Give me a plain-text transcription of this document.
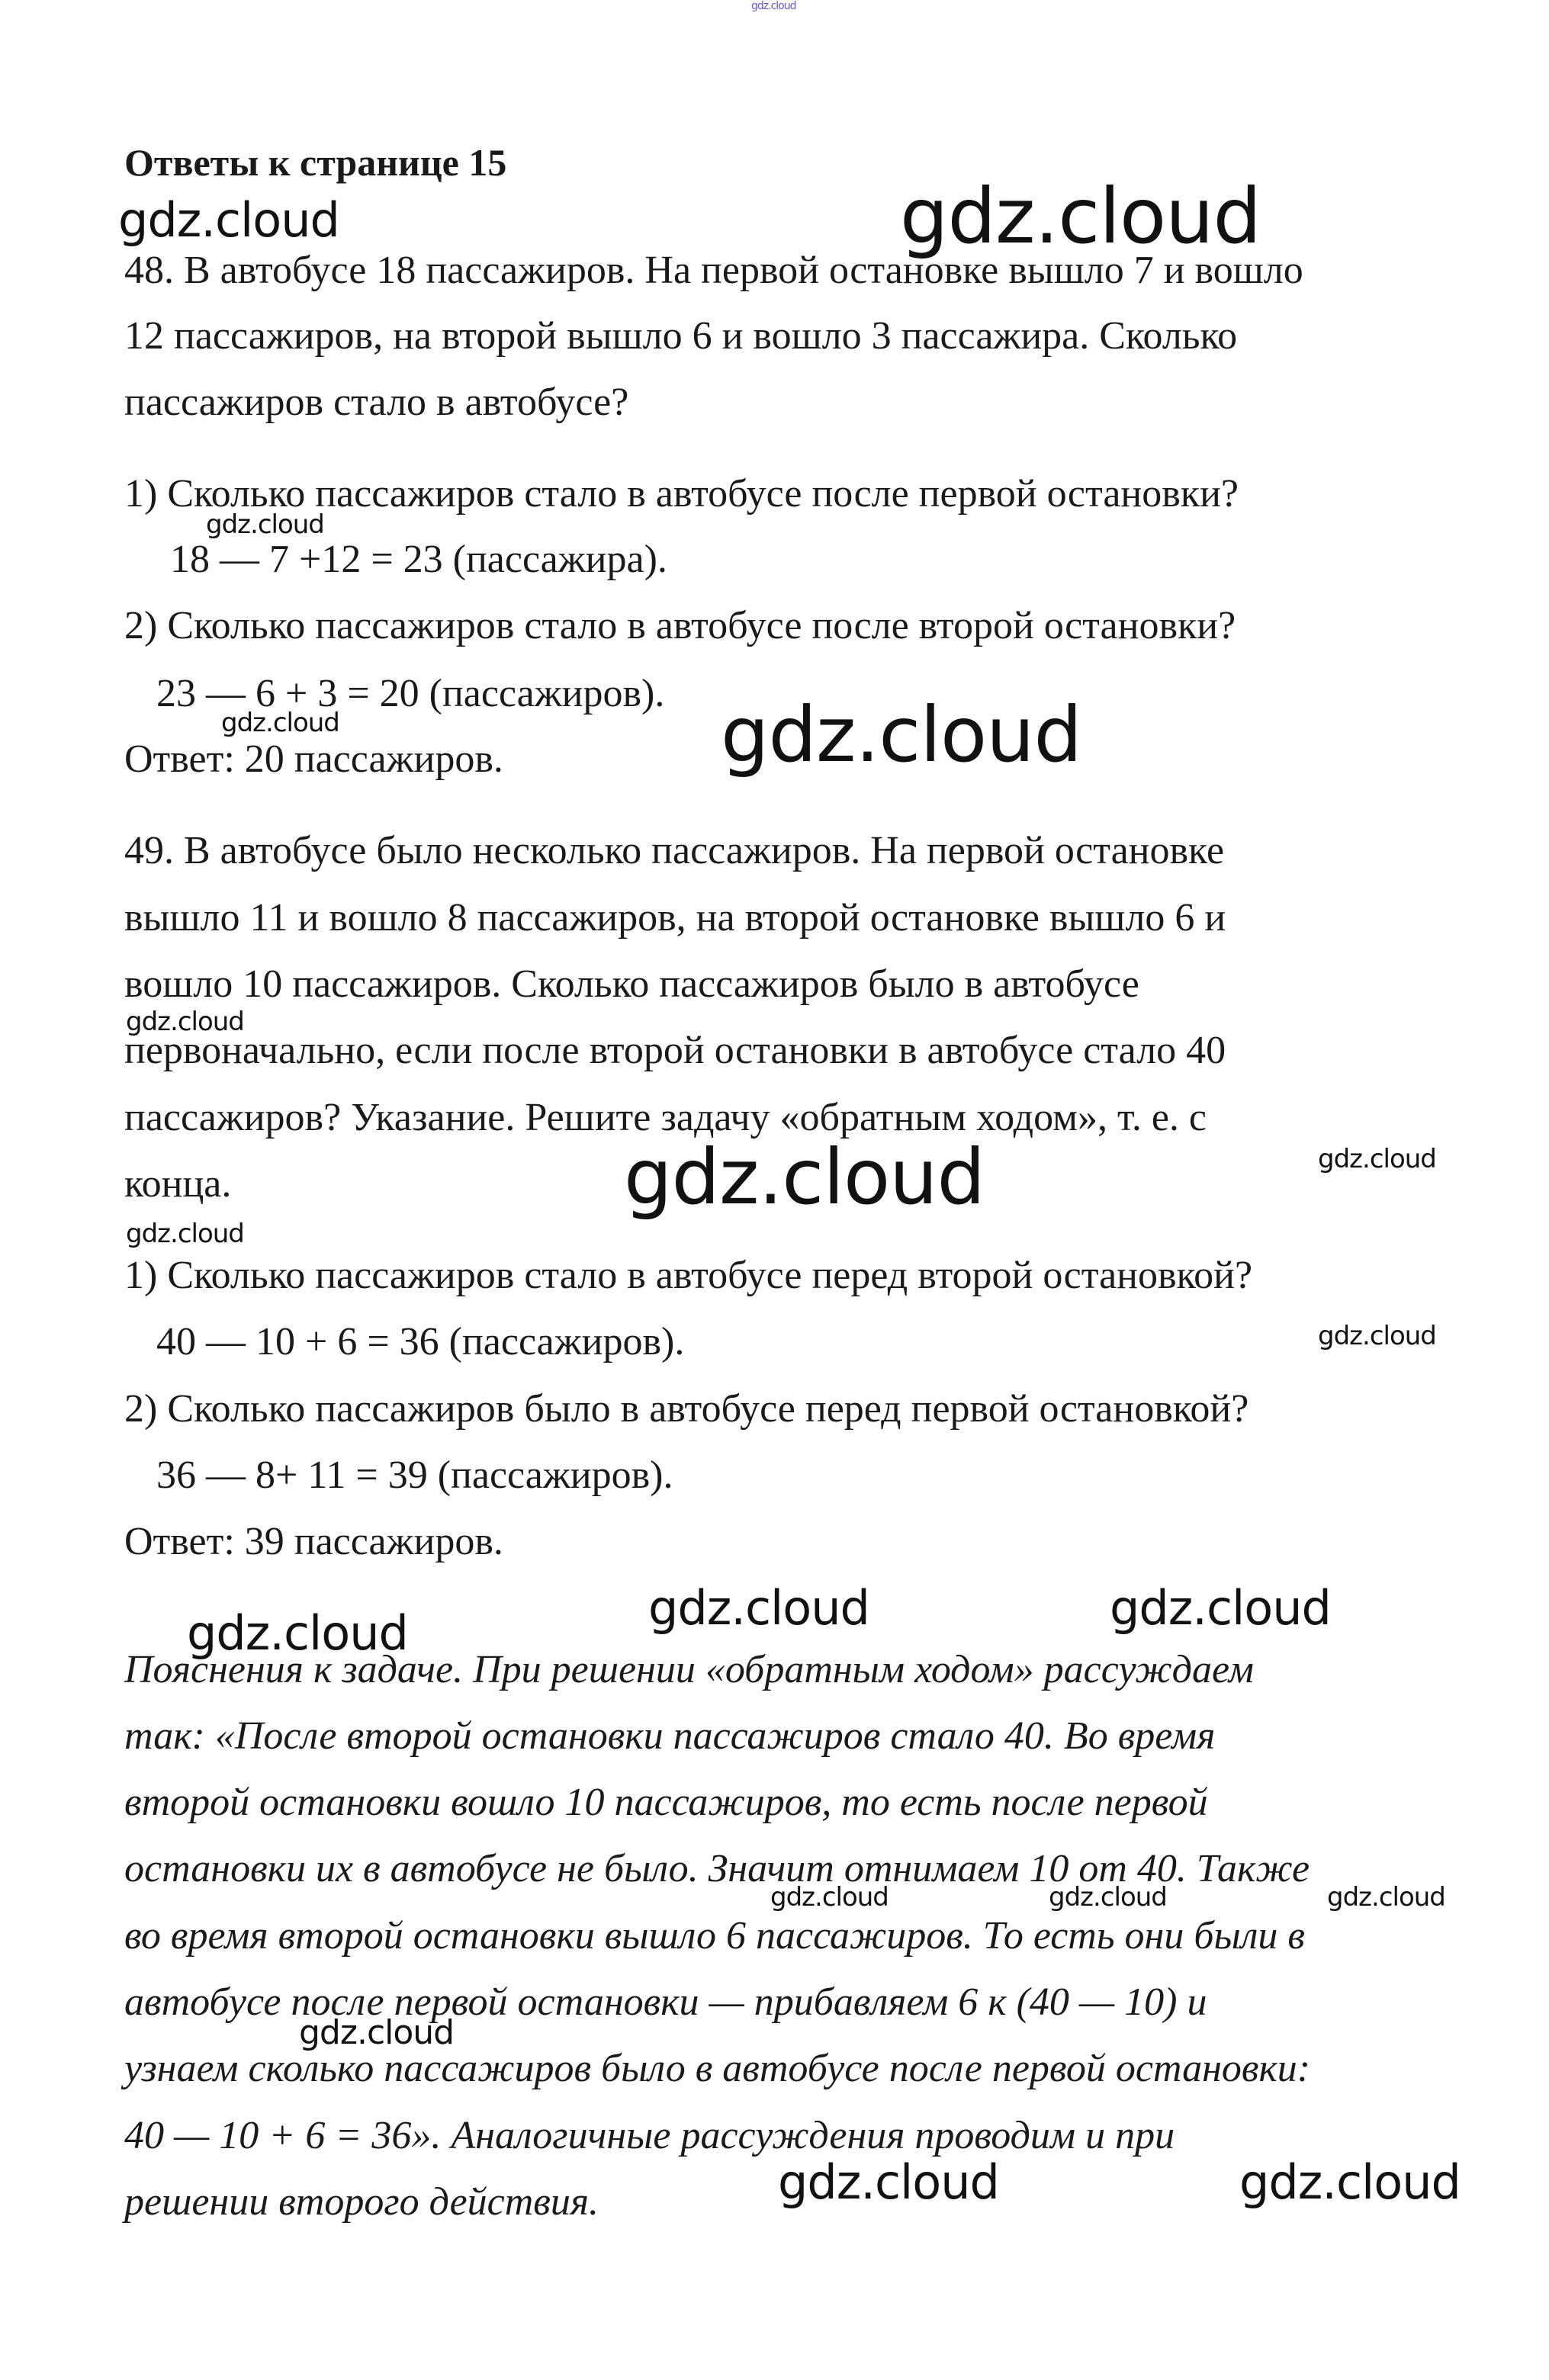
gdz.cloud
Ответы к странице 15
48. В автобусе 18 пассажиров. На первой остановке вышло 7 и вошло
12 пассажиров, на второй вышло 6 и вошло 3 пассажира. Сколько
пассажиров стало в автобусе?
1) Сколько пассажиров стало в автобусе после первой остановки?
18 — 7 +12 = 23 (пассажира).
2) Сколько пассажиров стало в автобусе после второй остановки?
23 — 6 + 3 = 20 (пассажиров).
Ответ: 20 пассажиров.
49. В автобусе было несколько пассажиров. На первой остановке
вышло 11 и вошло 8 пассажиров, на второй остановке вышло 6 и
вошло 10 пассажиров. Сколько пассажиров было в автобусе
первоначально, если после второй остановки в автобусе стало 40
пассажиров? Указание. Решите задачу «обратным ходом», т. е. с
конца.
1) Сколько пассажиров стало в автобусе перед второй остановкой?
40 — 10 + 6 = 36 (пассажиров).
2) Сколько пассажиров было в автобусе перед первой остановкой?
36 — 8+ 11 = 39 (пассажиров).
Ответ: 39 пассажиров.
Пояснения к задаче. При решении «обратным ходом» рассуждаем
так: «После второй остановки пассажиров стало 40. Во время
второй остановки вошло 10 пассажиров, то есть после первой
остановки их в автобусе не было. Значит отнимаем 10 от 40. Также
во время второй остановки вышло 6 пассажиров. То есть они были в
автобусе после первой остановки — прибавляем 6 к (40 — 10) и
узнаем сколько пассажиров было в автобусе после первой остановки:
40 — 10 + 6 = 36». Аналогичные рассуждения проводим и при
решении второго действия.
gdz.cloud	gdz.cloud
gdz.cloud
gdz.cloud	gdz.cloud
gdz.cloud
gdz.cloud	gdz.cloud
gdz.cloud
gdz.cloud
gdz.cloud	gdz.cloud	gdz.cloud
gdz.cloud	gdz.cloud	gdz.cloud
gdz.cloud
gdz.cloud	gdz.cloud
